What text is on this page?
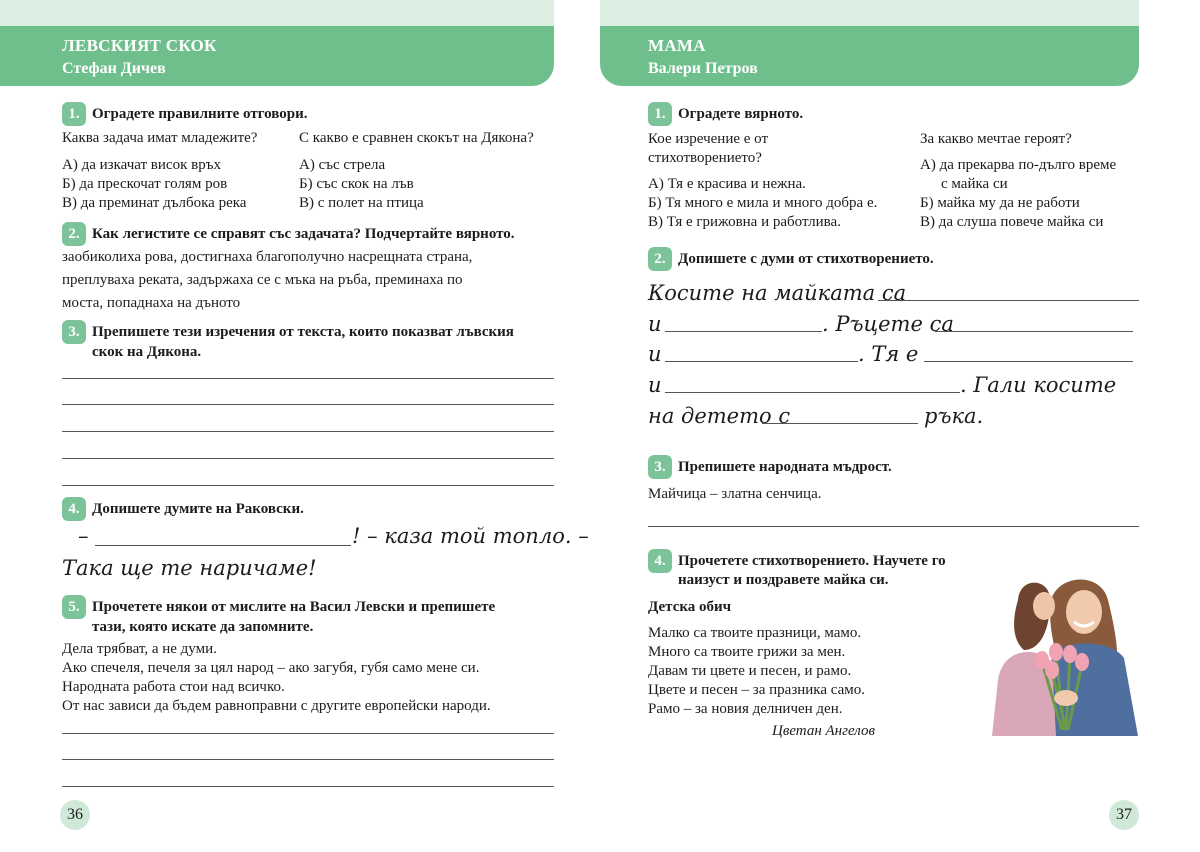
ЛЕВСКИЯТ СКОК
Стефан Дичев
1. Оградете правилните отговори.
Каква задача имат младежите?
А) да изкачат висок връх
Б) да прескочат голям ров
В) да преминат дълбока река
С какво е сравнен скокът на Дякона?
А) със стрела
Б) със скок на лъв
В) с полет на птица
2. Как легистите се справят със задачата? Подчертайте вярното.
заобиколиха рова, достигнаха благополучно насрещната страна,
преплуваха реката, задържаха се с мъка на ръба, преминаха по
моста, попаднаха на дъното
3. Препишете тези изречения от текста, които показват лъвския
скок на Дякона.
4. Допишете думите на Раковски.
–	! – каза той топло. –
Така ще те наричаме!
5. Прочетете някои от мислите на Васил Левски и препишете
тази, която искате да запомните.
Дела трябват, а не думи.
Ако спечеля, печеля за цял народ – ако загубя, губя само мене си.
Народната работа стои над всичко.
От нас зависи да бъдем равноправни с другите европейски народи.
36
МАМА
Валери Петров
1. Оградете вярното.
Кое изречение е от
стихотворението?
А) Тя е красива и нежна.
Б) Тя много е мила и много добра е.
В) Тя е грижовна и работлива.
За какво мечтае героят?
А) да прекарва по-дълго време
с майка си
Б) майка му да не работи
В) да слуша повече майка си
2. Допишете с думи от стихотворението.
Косите на майката са
и	. Ръцете са
и	. Тя е
и	. Гали косите
на детето с	ръка.
3. Препишете народната мъдрост.
Майчица – златна сенчица.
4. Прочетете стихотворението. Научете го
наизуст и поздравете майка си.
Детска обич
Малко са твоите празници, мамо.
Много са твоите грижи за мен.
Давам ти цвете и песен, и рамо.
Цвете и песен – за празника само.
Рамо – за новия делничен ден.
Цветан Ангелов
37
